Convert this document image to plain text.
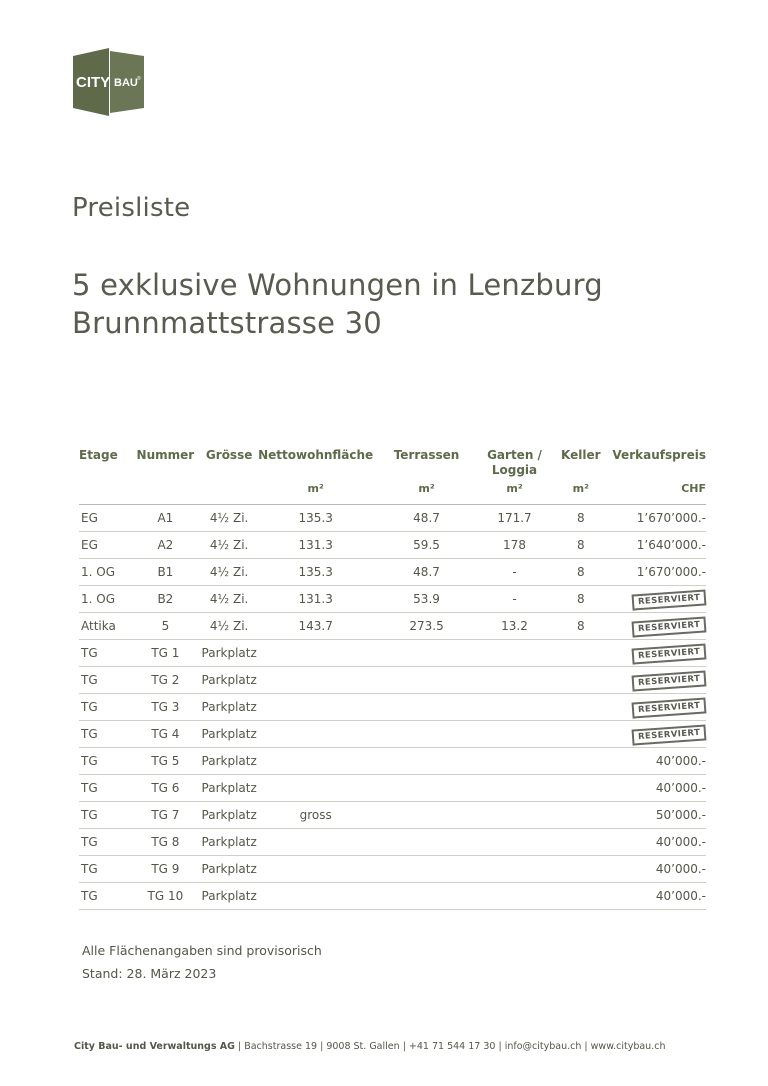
CITY BAU ®
Preisliste
5 exklusive Wohnungen in Lenzburg
Brunnmattstrasse 30
Etage	Nummer	Grösse	Nettowohnfläche	Terrassen	Garten / Loggia	Keller	Verkaufspreis
			m²	m²	m²	m²	CHF
EG	A1	4½ Zi.	135.3	48.7	171.7	8	1’670’000.-
EG	A2	4½ Zi.	131.3	59.5	178	8	1’640’000.-
1. OG	B1	4½ Zi.	135.3	48.7	-	8	1’670’000.-
1. OG	B2	4½ Zi.	131.3	53.9	-	8	RESERVIERT
Attika	5	4½ Zi.	143.7	273.5	13.2	8	RESERVIERT
TG	TG 1	Parkplatz					RESERVIERT
TG	TG 2	Parkplatz					RESERVIERT
TG	TG 3	Parkplatz					RESERVIERT
TG	TG 4	Parkplatz					RESERVIERT
TG	TG 5	Parkplatz					40’000.-
TG	TG 6	Parkplatz					40’000.-
TG	TG 7	Parkplatz	gross				50’000.-
TG	TG 8	Parkplatz					40’000.-
TG	TG 9	Parkplatz					40’000.-
TG	TG 10	Parkplatz					40’000.-
Alle Flächenangaben sind provisorisch
Stand: 28. März 2023
City Bau- und Verwaltungs AG | Bachstrasse 19 | 9008 St. Gallen | +41 71 544 17 30 | info@citybau.ch | www.citybau.ch
